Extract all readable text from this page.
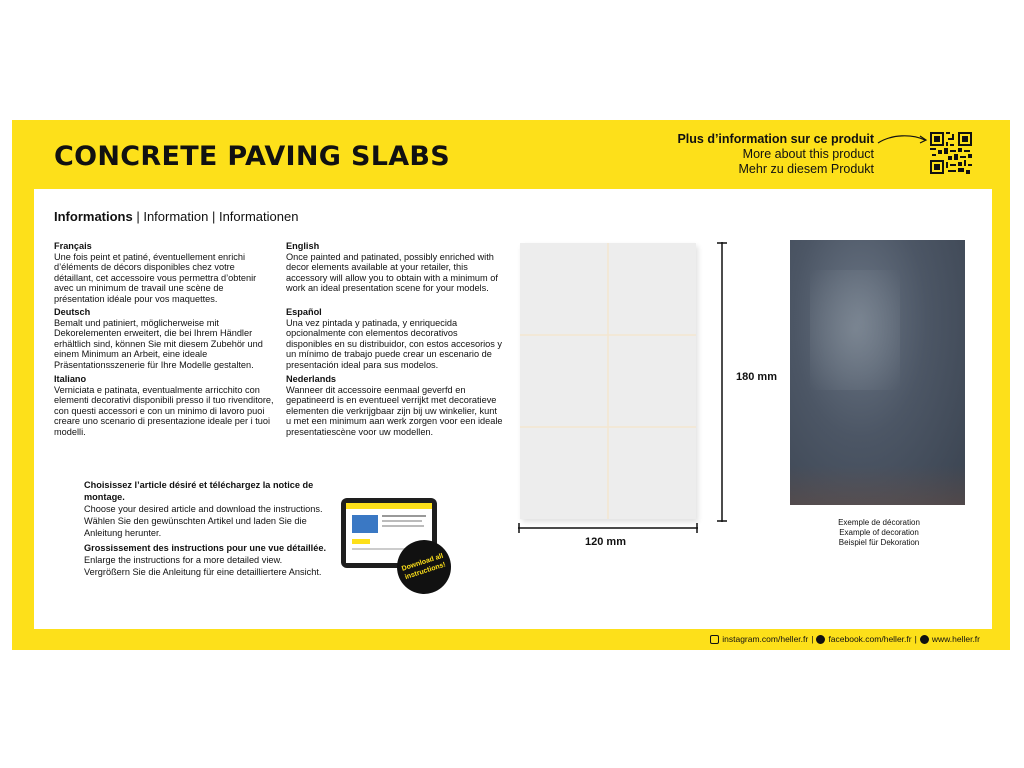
CONCRETE PAVING SLABS
Plus d’information sur ce produit
More about this product
Mehr zu diesem Produkt
Informations | Information | Informationen
Français

Une fois peint et patiné, éventuellement enrichi d’éléments de décors disponibles chez votre détaillant, cet accessoire vous permettra d’obtenir avec un minimum de travail une scène de présentation idéale pour vos maquettes.

English

Once painted and patinated, possibly enriched with decor elements available at your retailer, this accessory will allow you to obtain with a minimum of work an ideal presentation scene for your models.

Deutsch

Bemalt und patiniert, möglicherweise mit Dekorelementen erweitert, die bei Ihrem Händler erhältlich sind, können Sie mit diesem Zubehör und einem Minimum an Arbeit, eine ideale Präsentationsszenerie für Ihre Modelle gestalten.

Español

Una vez pintada y patinada, y enriquecida opcionalmente con elementos decorativos disponibles en su distribuidor, con estos accesorios y un mínimo de trabajo puede crear un escenario de presentación ideal para sus modelos.

Italiano

Verniciata e patinata, eventualmente arricchito con elementi decorativi disponibili presso il tuo rivenditore, con questi accessori e con un minimo di lavoro puoi creare uno scenario di presentazione ideale per i tuoi modelli.

Nederlands

Wanneer dit accessoire eenmaal geverfd en gepatineerd is en eventueel verrijkt met decoratieve elementen die verkrijgbaar zijn bij uw winkelier, kunt u met een minimum aan werk zorgen voor een ideale presentatiescène voor uw modellen.

Choisissez l’article désiré et téléchargez la notice de montage.

Choose your desired article and download the instructions.

Wählen Sie den gewünschten Artikel und laden Sie die Anleitung herunter.

Grossissement des instructions pour une vue détaillée.

Enlarge the instructions for a more detailed view.

Vergrößern Sie die Anleitung für eine detailliertere Ansicht.	Download all instructions!
180 mm
120 mm
Exemple de décoration
Example of decoration
Beispiel für Dekoration
instagram.com/heller.fr | facebook.com/heller.fr | www.heller.fr
